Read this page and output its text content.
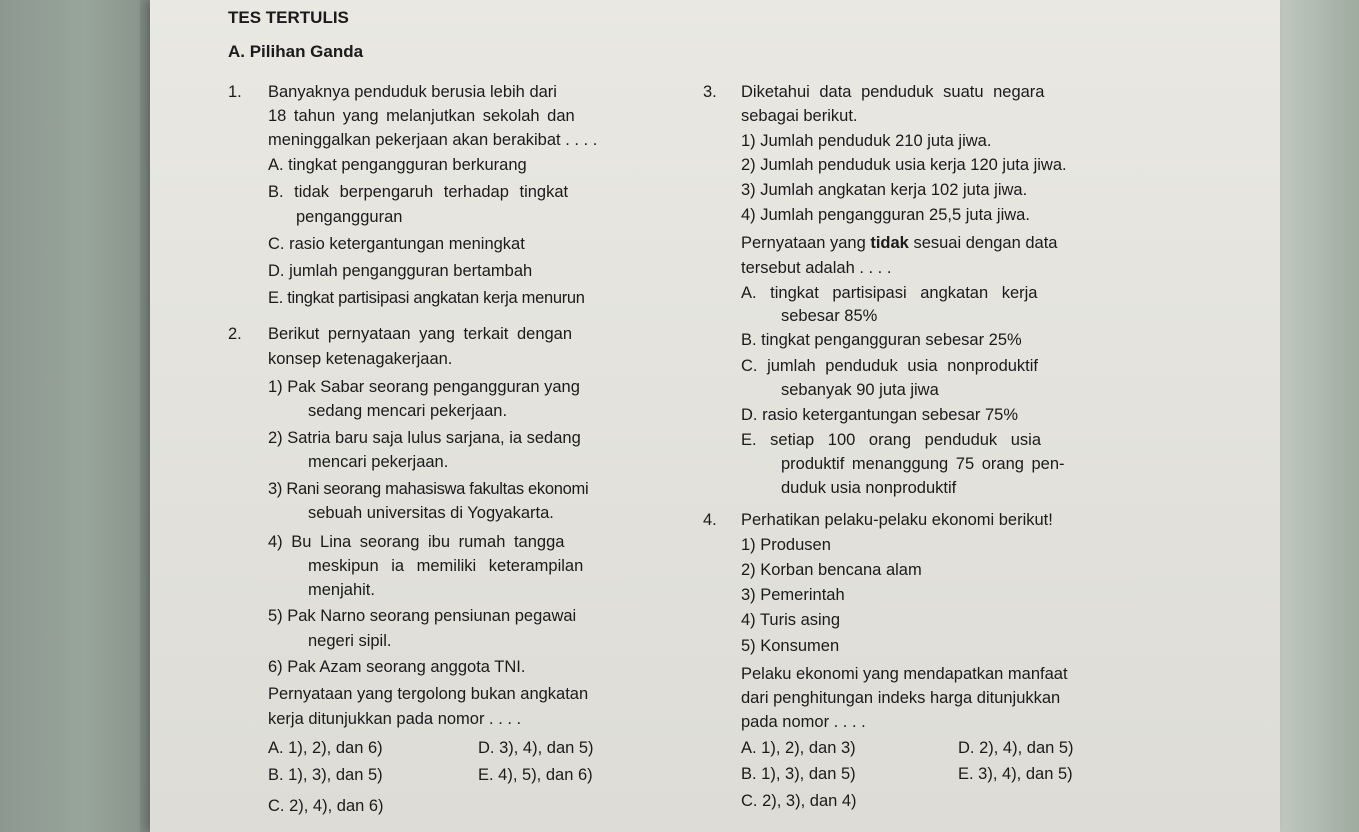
TES TERTULIS
A. Pilihan Ganda
1. Banyaknya penduduk berusia lebih dari
18 tahun yang melanjutkan sekolah dan
meninggalkan pekerjaan akan berakibat . . . .
A. tingkat pengangguran berkurang
B. tidak berpengaruh terhadap tingkat
pengangguran
C. rasio ketergantungan meningkat
D. jumlah pengangguran bertambah
E. tingkat partisipasi angkatan kerja menurun
2. Berikut pernyataan yang terkait dengan
konsep ketenagakerjaan.
1) Pak Sabar seorang pengangguran yang
sedang mencari pekerjaan.
2) Satria baru saja lulus sarjana, ia sedang
mencari pekerjaan.
3) Rani seorang mahasiswa fakultas ekonomi
sebuah universitas di Yogyakarta.
4) Bu Lina seorang ibu rumah tangga
meskipun ia memiliki keterampilan
menjahit.
5) Pak Narno seorang pensiunan pegawai
negeri sipil.
6) Pak Azam seorang anggota TNI.
Pernyataan yang tergolong bukan angkatan
kerja ditunjukkan pada nomor . . . .
A. 1), 2), dan 6)
B. 1), 3), dan 5)
C. 2), 4), dan 6)
D. 3), 4), dan 5)
E. 4), 5), dan 6)
3. Diketahui data penduduk suatu negara
sebagai berikut.
1) Jumlah penduduk 210 juta jiwa.
2) Jumlah penduduk usia kerja 120 juta jiwa.
3) Jumlah angkatan kerja 102 juta jiwa.
4) Jumlah pengangguran 25,5 juta jiwa.
Pernyataan yang tidak sesuai dengan data
tersebut adalah . . . .
A. tingkat partisipasi angkatan kerja
sebesar 85%
B. tingkat pengangguran sebesar 25%
C. jumlah penduduk usia nonproduktif
sebanyak 90 juta jiwa
D. rasio ketergantungan sebesar 75%
E. setiap 100 orang penduduk usia
produktif menanggung 75 orang pen-
duduk usia nonproduktif
4. Perhatikan pelaku-pelaku ekonomi berikut!
1) Produsen
2) Korban bencana alam
3) Pemerintah
4) Turis asing
5) Konsumen
Pelaku ekonomi yang mendapatkan manfaat
dari penghitungan indeks harga ditunjukkan
pada nomor . . . .
A. 1), 2), dan 3)
B. 1), 3), dan 5)
C. 2), 3), dan 4)
D. 2), 4), dan 5)
E. 3), 4), dan 5)
